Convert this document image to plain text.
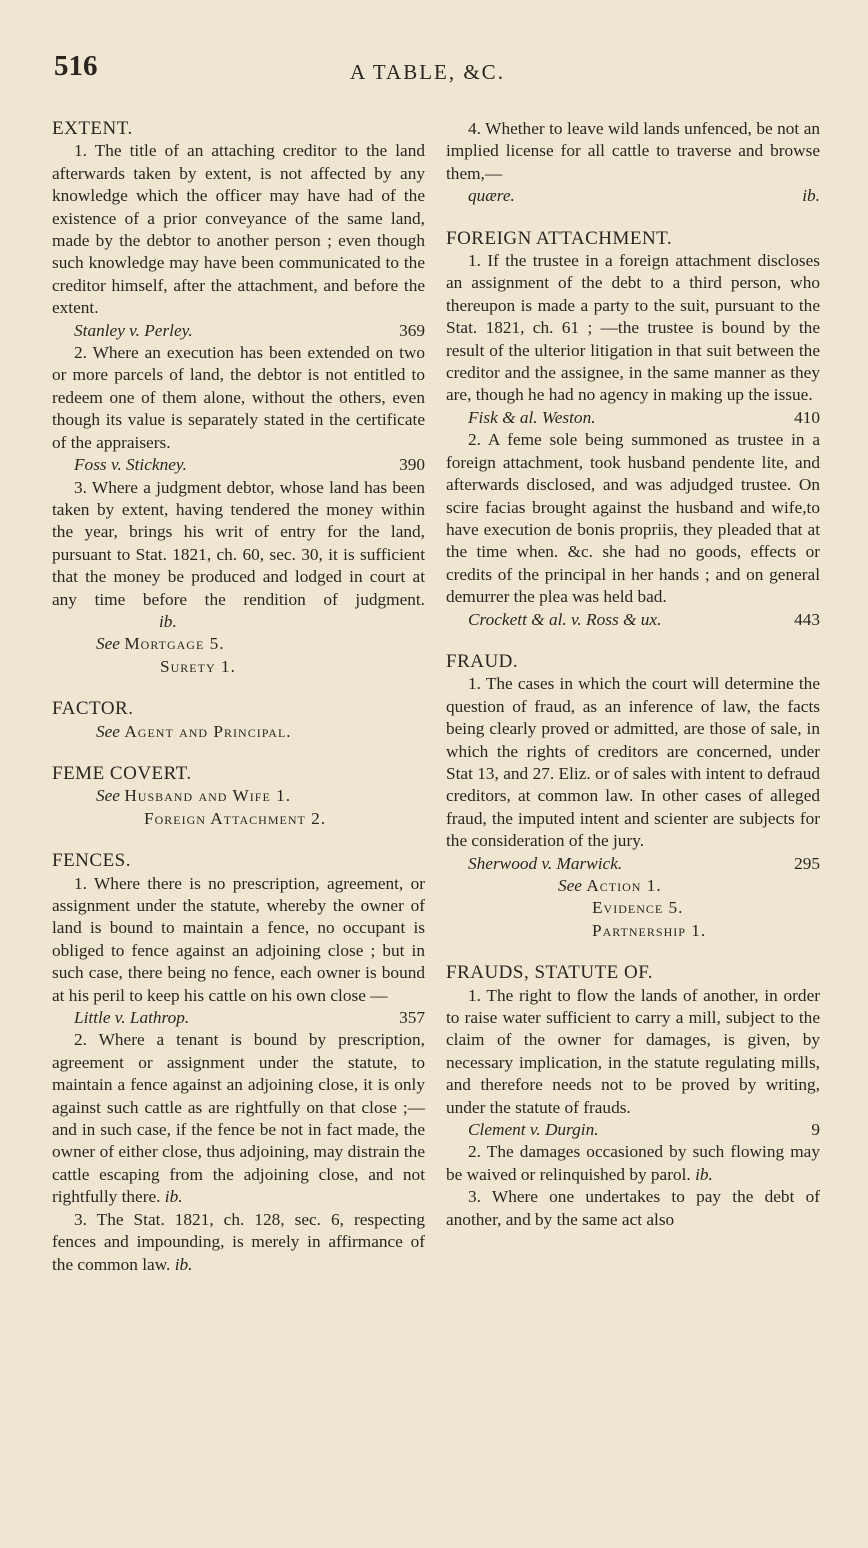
516	A TABLE, &C.
EXTENT.

1. The title of an attaching creditor to the land afterwards taken by extent, is not affected by any knowledge which the officer may have had of the existence of a prior conveyance of the same land, made by the debtor to another person ; even though such knowledge may have been communicated to the creditor himself, after the attachment, and before the extent.
Stanley v. Perley.	369

2. Where an execution has been extended on two or more parcels of land, the debtor is not entitled to redeem one of them alone, without the others, even though its value is separately stated in the certificate of the appraisers.
Foss v. Stickney.	390

3. Where a judgment debtor, whose land has been taken by extent, having tendered the money within the year, brings his writ of entry for the land, pursuant to Stat. 1821, ch. 60, sec. 30, it is sufficient that the money be produced and lodged in court at any time before the rendition of judgment. ib.

See Mortgage 5.
Surety 1.
FACTOR.
See Agent and Principal.
FEME COVERT.
See Husband and Wife 1.
Foreign Attachment 2.
FENCES.

1. Where there is no prescription, agreement, or assignment under the statute, whereby the owner of land is bound to maintain a fence, no occupant is obliged to fence against an adjoining close ; but in such case, there being no fence, each owner is bound at his peril to keep his cattle on his own close —
Little v. Lathrop.	357

2. Where a tenant is bound by prescription, agreement or assignment under the statute, to maintain a fence against an adjoining close, it is only against such cattle as are rightfully on that close ;—and in such case, if the fence be not in fact made, the owner of either close, thus adjoining, may distrain the cattle escaping from the adjoining close, and not rightfully there. ib.

3. The Stat. 1821, ch. 128, sec. 6, respecting fences and impounding, is merely in affirmance of the common law. ib.

4. Whether to leave wild lands unfenced, be not an implied license for all cattle to traverse and browse them,—
quære.	ib.

FOREIGN ATTACHMENT.

1. If the trustee in a foreign attachment discloses an assignment of the debt to a third person, who thereupon is made a party to the suit, pursuant to the Stat. 1821, ch. 61 ; —the trustee is bound by the result of the ulterior litigation in that suit between the creditor and the assignee, in the same manner as they are, though he had no agency in making up the issue.
Fisk & al. Weston.	410

2. A feme sole being summoned as trustee in a foreign attachment, took husband pendente lite, and afterwards disclosed, and was adjudged trustee. On scire facias brought against the husband and wife,to have execution de bonis propriis, they pleaded that at the time when. &c. she had no goods, effects or credits of the principal in her hands ; and on general demurrer the plea was held bad.
Crockett & al. v. Ross & ux.	443

FRAUD.

1. The cases in which the court will determine the question of fraud, as an inference of law, the facts being clearly proved or admitted, are those of sale, in which the rights of creditors are concerned, under Stat 13, and 27. Eliz. or of sales with intent to defraud creditors, at common law. In other cases of alleged fraud, the imputed intent and scienter are subjects for the consideration of the jury.
Sherwood v. Marwick.	295

See Action 1.
Evidence 5.
Partnership 1.
FRAUDS, STATUTE OF.

1. The right to flow the lands of another, in order to raise water sufficient to carry a mill, subject to the claim of the owner for damages, is given, by necessary implication, in the statute regulating mills, and therefore needs not to be proved by writing, under the statute of frauds.
Clement v. Durgin.	9

2. The damages occasioned by such flowing may be waived or relinquished by parol. ib.

3. Where one undertakes to pay the debt of another, and by the same act also
